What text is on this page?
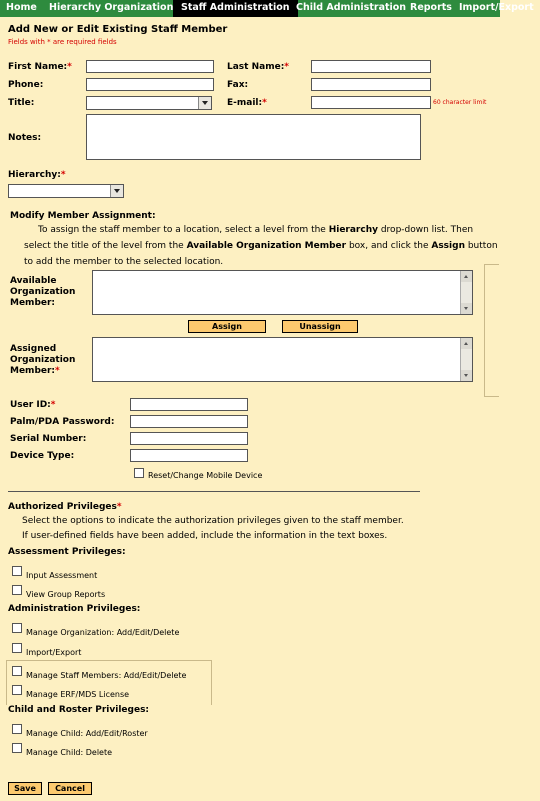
Home	Hierarchy Organization Staff Administration Child Administration Reports Import/Export
Add New or Edit Existing Staff Member
Fields with * are required fields
First Name:*	Last Name:*
Phone:	Fax:
Title:	E-mail:*	60 character limit
Notes:
Hierarchy:*
Modify Member Assignment:
To assign the staff member to a location, select a level from the Hierarchy drop-down list. Then select the title of the level from the Available Organization Member box, and click the Assign button to add the member to the selected location.
Available Organization Member:
Assign	Unassign
Assigned Organization Member:*
User ID:*
Palm/PDA Password:
Serial Number:
Device Type:
Reset/Change Mobile Device
Authorized Privileges*
Select the options to indicate the authorization privileges given to the staff member.
If user-defined fields have been added, include the information in the text boxes.
Assessment Privileges:
Input Assessment
View Group Reports
Administration Privileges:
Manage Organization: Add/Edit/Delete
Import/Export
Manage Staff Members: Add/Edit/Delete
Manage ERF/MDS License
Child and Roster Privileges:
Manage Child: Add/Edit/Roster
Manage Child: Delete
Save	Cancel
